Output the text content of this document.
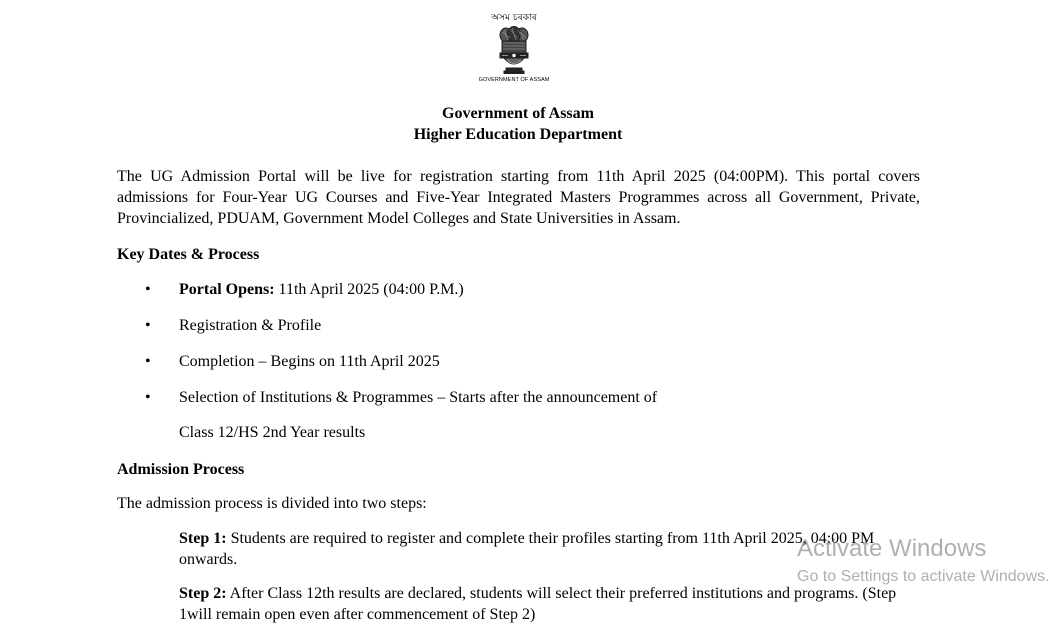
অসম চৰকাৰ
GOVERNMENT OF ASSAM
Government of Assam
Higher Education Department

The UG Admission Portal will be live for registration starting from 11th April 2025 (04:00PM). This portal covers admissions for Four-Year UG Courses and Five-Year Integrated Masters Programmes across all Government, Private, Provincialized, PDUAM, Government Model Colleges and State Universities in Assam.

Key Dates & Process
• Portal Opens: 11th April 2025 (04:00 P.M.)
• Registration & Profile
• Completion – Begins on 11th April 2025
• Selection of Institutions & Programmes – Starts after the announcement of
Class 12/HS 2nd Year results
Admission Process
The admission process is divided into two steps:

Step 1: Students are required to register and complete their profiles starting from 11th April 2025, 04:00 PM onwards.

Step 2: After Class 12th results are declared, students will select their preferred institutions and programs. (Step 1will remain open even after commencement of Step 2)

Activate Windows
Go to Settings to activate Windows.
